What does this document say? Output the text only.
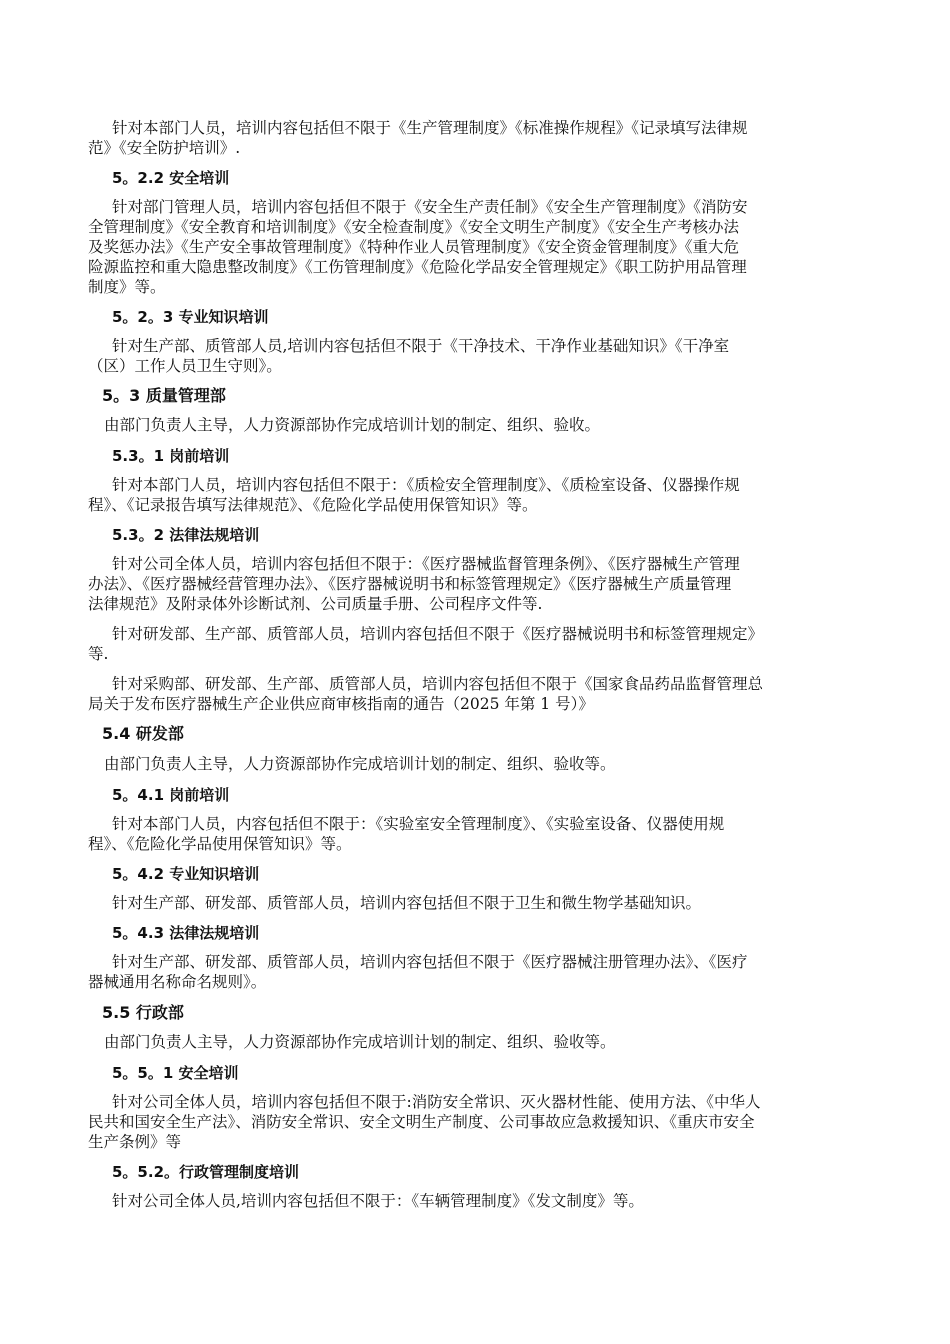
针对本部门人员，培训内容包括但不限于《生产管理制度》《标准操作规程》《记录填写法律规
范》《安全防护培训》.
5。2.2 安全培训
针对部门管理人员，培训内容包括但不限于《安全生产责任制》《安全生产管理制度》《消防安
全管理制度》《安全教育和培训制度》《安全检查制度》《安全文明生产制度》《安全生产考核办法
及奖惩办法》《生产安全事故管理制度》《特种作业人员管理制度》《安全资金管理制度》《重大危
险源监控和重大隐患整改制度》《工伤管理制度》《危险化学品安全管理规定》《职工防护用品管理
制度》等。
5。2。3 专业知识培训
针对生产部、质管部人员,培训内容包括但不限于《干净技术、干净作业基础知识》《干净室
（区）工作人员卫生守则》。
5。3 质量管理部
由部门负责人主导，人力资源部协作完成培训计划的制定、组织、验收。
5.3。1 岗前培训
针对本部门人员，培训内容包括但不限于：《质检安全管理制度》、《质检室设备、仪器操作规
程》、《记录报告填写法律规范》、《危险化学品使用保管知识》等。
5.3。2 法律法规培训
针对公司全体人员，培训内容包括但不限于：《医疗器械监督管理条例》、《医疗器械生产管理
办法》、《医疗器械经营管理办法》、《医疗器械说明书和标签管理规定》《医疗器械生产质量管理
法律规范》及附录体外诊断试剂、公司质量手册、公司程序文件等.
针对研发部、生产部、质管部人员，培训内容包括但不限于《医疗器械说明书和标签管理规定》
等.
针对采购部、研发部、生产部、质管部人员，培训内容包括但不限于《国家食品药品监督管理总
局关于发布医疗器械生产企业供应商审核指南的通告（2025 年第 1 号）》
5.4 研发部
由部门负责人主导，人力资源部协作完成培训计划的制定、组织、验收等。
5。4.1 岗前培训
针对本部门人员，内容包括但不限于：《实验室安全管理制度》、《实验室设备、仪器使用规
程》、《危险化学品使用保管知识》等。
5。4.2 专业知识培训
针对生产部、研发部、质管部人员，培训内容包括但不限于卫生和微生物学基础知识。
5。4.3 法律法规培训
针对生产部、研发部、质管部人员，培训内容包括但不限于《医疗器械注册管理办法》、《医疗
器械通用名称命名规则》。
5.5 行政部
由部门负责人主导，人力资源部协作完成培训计划的制定、组织、验收等。
5。5。1 安全培训
针对公司全体人员，培训内容包括但不限于:消防安全常识、灭火器材性能、使用方法、《中华人
民共和国安全生产法》、消防安全常识、安全文明生产制度、公司事故应急救援知识、《重庆市安全
生产条例》等
5。5.2。行政管理制度培训
针对公司全体人员,培训内容包括但不限于：《车辆管理制度》《发文制度》等。
